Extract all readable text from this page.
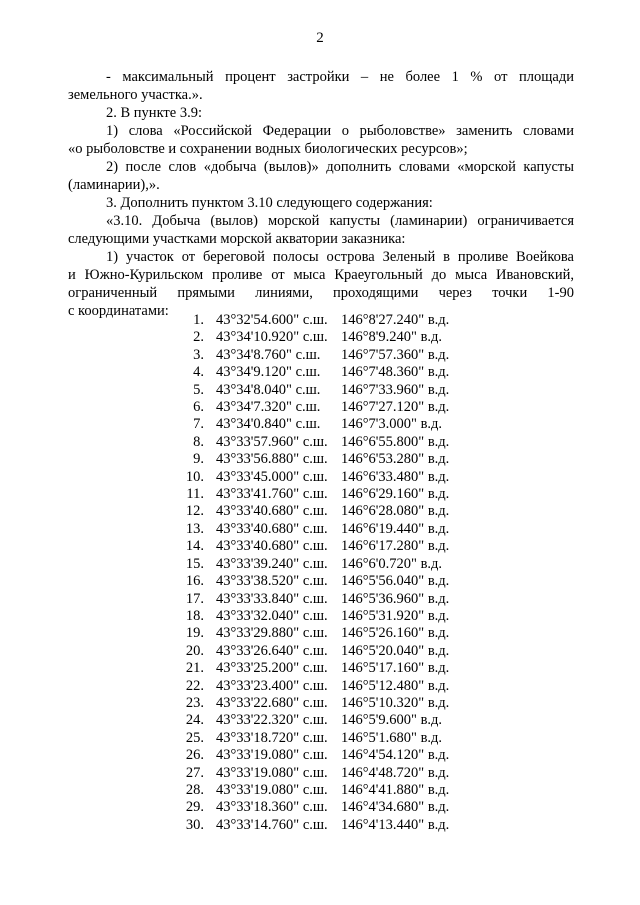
2

- максимальный процент застройки – не более 1 % от площади

земельного участка.».

2. В пункте 3.9:

1) слова «Российской Федерации о рыболовстве» заменить словами

«о рыболовстве и сохранении водных биологических ресурсов»;

2) после слов «добыча (вылов)» дополнить словами «морской капусты

(ламинарии),».

3. Дополнить пунктом 3.10 следующего содержания:

«3.10. Добыча (вылов) морской капусты (ламинарии) ограничивается

следующими участками морской акватории заказника:

1) участок от береговой полосы острова Зеленый в проливе Воейкова

и Южно-Курильском проливе от мыса Краеугольный до мыса Ивановский,

ограниченный прямыми линиями, проходящими через точки 1-90

с координатами:

1.	43°32'54.600" с.ш.	146°8'27.240" в.д.
2.	43°34'10.920" с.ш.	146°8'9.240" в.д.
3.	43°34'8.760" с.ш.	146°7'57.360" в.д.
4.	43°34'9.120" с.ш.	146°7'48.360" в.д.
5.	43°34'8.040" с.ш.	146°7'33.960" в.д.
6.	43°34'7.320" с.ш.	146°7'27.120" в.д.
7.	43°34'0.840" с.ш.	146°7'3.000" в.д.
8.	43°33'57.960" с.ш.	146°6'55.800" в.д.
9.	43°33'56.880" с.ш.	146°6'53.280" в.д.
10.	43°33'45.000" с.ш.	146°6'33.480" в.д.
11.	43°33'41.760" с.ш.	146°6'29.160" в.д.
12.	43°33'40.680" с.ш.	146°6'28.080" в.д.
13.	43°33'40.680" с.ш.	146°6'19.440" в.д.
14.	43°33'40.680" с.ш.	146°6'17.280" в.д.
15.	43°33'39.240" с.ш.	146°6'0.720" в.д.
16.	43°33'38.520" с.ш.	146°5'56.040" в.д.
17.	43°33'33.840" с.ш.	146°5'36.960" в.д.
18.	43°33'32.040" с.ш.	146°5'31.920" в.д.
19.	43°33'29.880" с.ш.	146°5'26.160" в.д.
20.	43°33'26.640" с.ш.	146°5'20.040" в.д.
21.	43°33'25.200" с.ш.	146°5'17.160" в.д.
22.	43°33'23.400" с.ш.	146°5'12.480" в.д.
23.	43°33'22.680" с.ш.	146°5'10.320" в.д.
24.	43°33'22.320" с.ш.	146°5'9.600" в.д.
25.	43°33'18.720" с.ш.	146°5'1.680" в.д.
26.	43°33'19.080" с.ш.	146°4'54.120" в.д.
27.	43°33'19.080" с.ш.	146°4'48.720" в.д.
28.	43°33'19.080" с.ш.	146°4'41.880" в.д.
29.	43°33'18.360" с.ш.	146°4'34.680" в.д.
30.	43°33'14.760" с.ш.	146°4'13.440" в.д.
